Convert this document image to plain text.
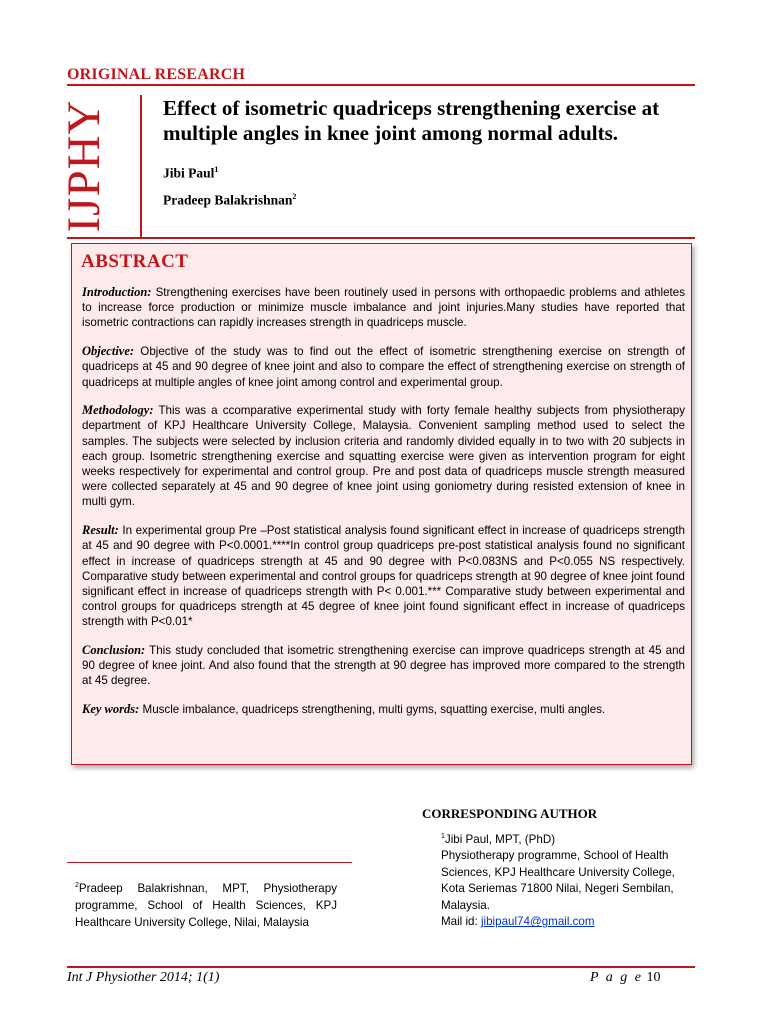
ORIGINAL RESEARCH
IJPHY	Effect of isometric quadriceps strengthening exercise at multiple angles in knee joint among normal adults.
Jibi Paul$^1$
Pradeep Balakrishnan$^2$
ABSTRACT

Introduction: Strengthening exercises have been routinely used in persons with orthopaedic problems and athletes to increase force production or minimize muscle imbalance and joint injuries.Many studies have reported that isometric contractions can rapidly increases strength in quadriceps muscle.

Objective: Objective of the study was to find out the effect of isometric strengthening exercise on strength of quadriceps at 45 and 90 degree of knee joint and also to compare the effect of strengthening exercise on strength of quadriceps at multiple angles of knee joint among control and experimental group.

Methodology: This was a ccomparative experimental study with forty female healthy subjects from physiotherapy department of KPJ Healthcare University College, Malaysia. Convenient sampling method used to select the samples. The subjects were selected by inclusion criteria and randomly divided equally in to two with 20 subjects in each group. Isometric strengthening exercise and squatting exercise were given as intervention program for eight weeks respectively for experimental and control group. Pre and post data of quadriceps muscle strength measured were collected separately at 45 and 90 degree of knee joint using goniometry during resisted extension of knee in multi gym.

Result: In experimental group Pre –Post statistical analysis found significant effect in increase of quadriceps strength at 45 and 90 degree with P<0.0001.****In control group quadriceps pre-post statistical analysis found no significant effect in increase of quadriceps strength at 45 and 90 degree with P<0.083NS and P<0.055 NS respectively. Comparative study between experimental and control groups for quadriceps strength at 90 degree of knee joint found significant effect in increase of quadriceps strength with P< 0.001.*** Comparative study between experimental and control groups for quadriceps strength at 45 degree of knee joint found significant effect in increase of quadriceps strength with P<0.01*

Conclusion: This study concluded that isometric strengthening exercise can improve quadriceps strength at 45 and 90 degree of knee joint. And also found that the strength at 90 degree has improved more compared to the strength at 45 degree.

Key words: Muscle imbalance, quadriceps strengthening, multi gyms, squatting exercise, multi angles.

CORRESPONDING AUTHOR
$^1$Jibi Paul, MPT, (PhD)
Physiotherapy programme, School of Health
Sciences, KPJ Healthcare University College,
Kota Seriemas 71800 Nilai, Negeri Sembilan,
Malaysia.
Mail id: jibipaul74@gmail.com
$^2$Pradeep Balakrishnan, MPT, Physiotherapy programme, School of Health Sciences, KPJ Healthcare University College, Nilai, Malaysia
Int J Physiother 2014; 1(1)	P a g e 10
